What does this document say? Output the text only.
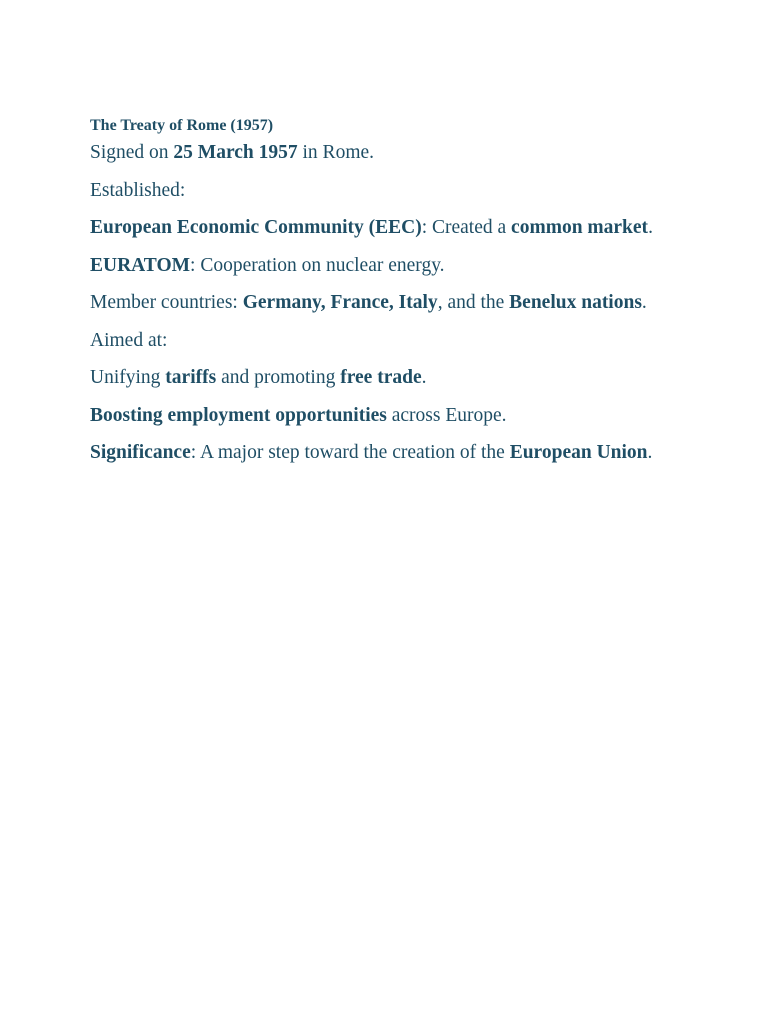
The Treaty of Rome (1957)

Signed on 25 March 1957 in Rome.

Established:

European Economic Community (EEC): Created a common market.

EURATOM: Cooperation on nuclear energy.

Member countries: Germany, France, Italy, and the Benelux nations.

Aimed at:

Unifying tariffs and promoting free trade.

Boosting employment opportunities across Europe.

Significance: A major step toward the creation of the European Union.
